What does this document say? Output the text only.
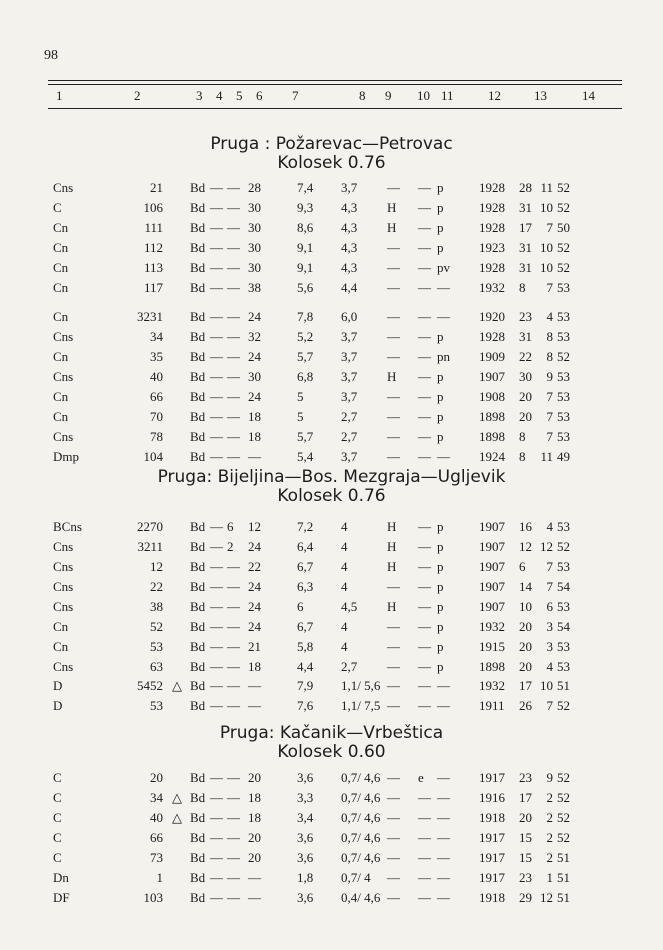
98
1	2	3 4 5 6 7	8 9 10 11	12	13	14
Pruga : Požarevac—Petrovac
Kolosek 0.76
Cns	21 Bd — — 28	7,4 3,7 — — p	1928 28 11 52
C	106 Bd — — 30	9,3 4,3 H — p	1928 31 10 52
Cn	111 Bd — — 30	8,6 4,3 H — p	1928 17 7 50
Cn	112 Bd — — 30	9,1 4,3 — — p	1923 31 10 52
Cn	113 Bd — — 30	9,1 4,3 — — pv 1928 31 10 52
Cn	117 Bd — — 38	5,6 4,4 — — — 1932 8 7 53
Cn	3231 Bd — — 24	7,8 6,0 — — — 1920 23 4 53
Cns	34 Bd — — 32	5,2 3,7 — — p	1928 31 8 53
Cn	35 Bd — — 24	5,7 3,7 — — pn 1909 22 8 52
Cns	40 Bd — — 30	6,8 3,7 H — p	1907 30 9 53
Cn	66 Bd — — 24	5	3,7 — — p	1908 20 7 53
Cn	70 Bd — — 18	5	2,7 — — p	1898 20 7 53
Cns	78 Bd — — 18	5,7 2,7 — — p	1898 8 7 53
Dmp	104 Bd — — —	5,4 3,7 — — — 1924 8 11 49
Pruga: Bijeljina—Bos. Mezgraja—Ugljevik
Kolosek 0.76
BCns	2270 Bd — 6	12	7,2 4	H — p	1907 16 4 53
Cns	3211 Bd — 2	24	6,4 4	H — p	1907 12 12 52
Cns	12 Bd — — 22	6,7 4	H — p	1907 6 7 53
Cns	22 Bd — — 24	6,3 4	— — p	1907 14 7 54
Cns	38 Bd — — 24	6	4,5 H — p	1907 10 6 53
Cn	52 Bd — — 24	6,7 4	— — p	1932 20 3 54
Cn	53 Bd — — 21	5,8 4	— — p	1915 20 3 53
Cns	63 Bd — — 18	4,4 2,7 — — p	1898 20 4 53
D	5452 △ Bd — — —	7,9 1,1/ 5,6 — — — 1932 17 10 51
D	53 Bd — — —	7,6 1,1/ 7,5 — — — 1911 26 7 52
Pruga: Kačanik—Vrbeštica
Kolosek 0.60
C	20 Bd — — 20	3,6 0,7/ 4,6 — e — 1917 23 9 52
C	34 △ Bd — — 18	3,3 0,7/ 4,6 — — — 1916 17 2 52
C	40 △ Bd — — 18	3,4 0,7/ 4,6 — — — 1918 20 2 52
C	66 Bd — — 20	3,6 0,7/ 4,6 — — — 1917 15 2 52
C	73 Bd — — 20	3,6 0,7/ 4,6 — — — 1917 15 2 51
Dn	1 Bd — — —	1,8 0,7/ 4 — — — 1917 23 1 51
DF	103 Bd — — —	3,6 0,4/ 4,6 — — — 1918 29 12 51
